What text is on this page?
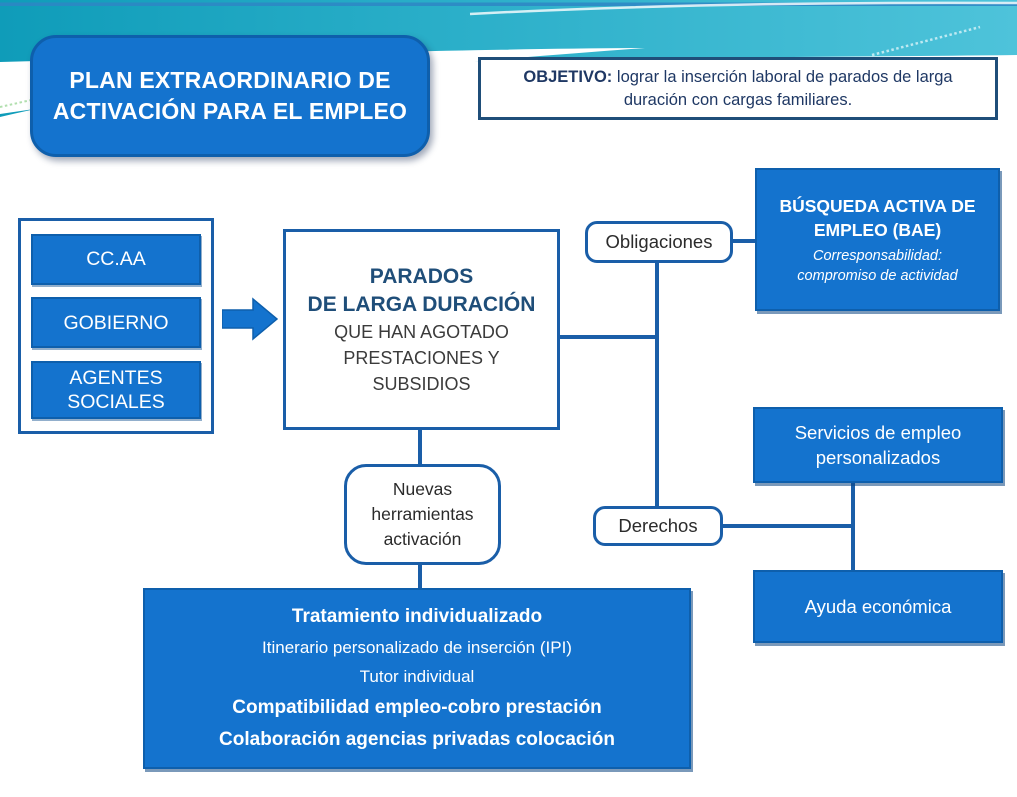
PLAN EXTRAORDINARIO DE
ACTIVACIÓN PARA EL EMPLEO
OBJETIVO: lograr la inserción laboral de parados de larga duración con cargas familiares.
CC.AA
GOBIERNO
AGENTES SOCIALES
PARADOS
DE LARGA DURACIÓN
QUE HAN AGOTADO
PRESTACIONES Y
SUBSIDIOS
Obligaciones
BÚSQUEDA ACTIVA DE EMPLEO (BAE)
Corresponsabilidad:
compromiso de actividad
Derechos
Servicios de empleo personalizados
Ayuda económica
Nuevas
herramientas
activación
Tratamiento individualizado
Itinerario personalizado de inserción (IPI)
Tutor individual
Compatibilidad empleo-cobro prestación
Colaboración agencias privadas colocación
